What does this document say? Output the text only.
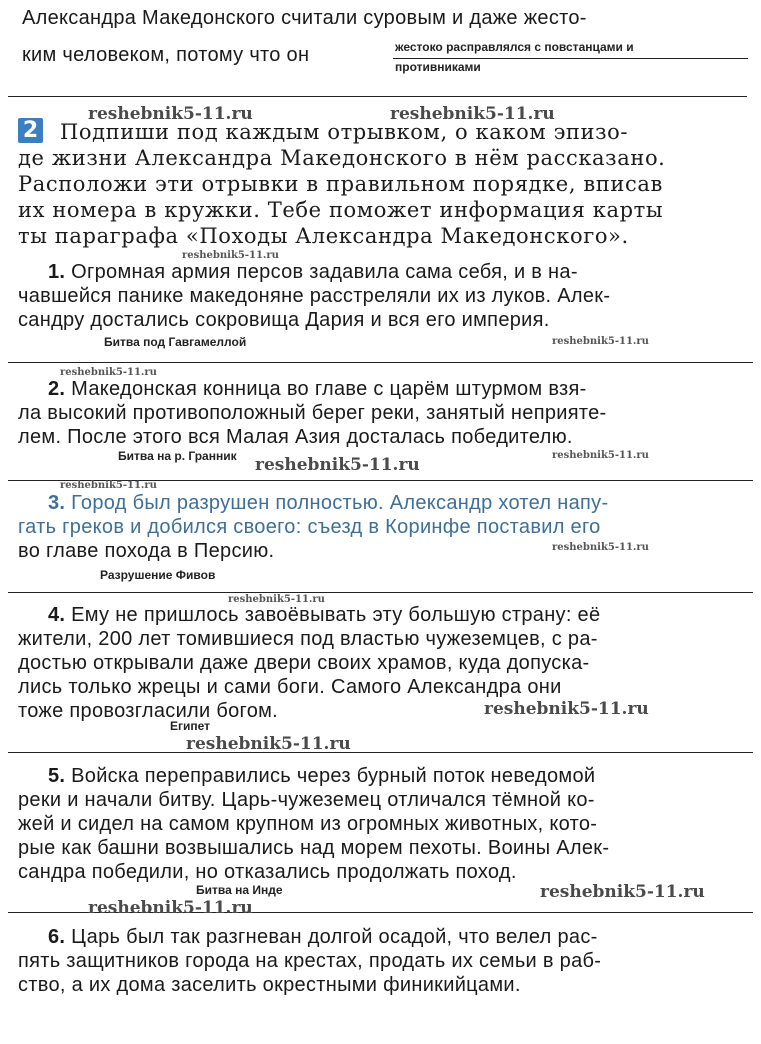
Александра Македонского считали суровым и даже жесто-
ким человеком, потому что он	жестоко расправлялся с повстанцами и
противниками
2 Подпиши под каждым отрывком, о каком эпизо-
де жизни Александра Македонского в нём рассказано.
Расположи эти отрывки в правильном порядке, вписав
их номера в кружки. Тебе поможет информация карты
ты параграфа «Походы Александра Македонского».
1. Огромная армия персов задавила сама себя, и в на-
чавшейся панике македоняне расстреляли их из луков. Алек-
сандру достались сокровища Дария и вся его империя.
Битва под Гавгамеллой
2. Македонская конница во главе с царём штурмом взя-
ла высокий противоположный берег реки, занятый неприяте-
лем. После этого вся Малая Азия досталась победителю.
Битва на р. Гранник
3. Город был разрушен полностью. Александр хотел напу-
гать греков и добился своего: съезд в Коринфе поставил его
во главе похода в Персию.
Разрушение Фивов
4. Ему не пришлось завоёвывать эту большую страну: её
жители, 200 лет томившиеся под властью чужеземцев, с ра-
достью открывали даже двери своих храмов, куда допуска-
лись только жрецы и сами боги. Самого Александра они
тоже провозгласили богом.
Египет
5. Войска переправились через бурный поток неведомой
реки и начали битву. Царь-чужеземец отличался тёмной ко-
жей и сидел на самом крупном из огромных животных, кото-
рые как башни возвышались над морем пехоты. Воины Алек-
сандра победили, но отказались продолжать поход.
Битва на Инде
6. Царь был так разгневан долгой осадой, что велел рас-
пять защитников города на крестах, продать их семьи в раб-
ство, а их дома заселить окрестными финикийцами.
reshebnik5-11.ru	reshebnik5-11.ru
reshebnik5-11.ru
reshebnik5-11.ru
reshebnik5-11.ru
reshebnik5-11.ru
reshebnik5-11.ru
reshebnik5-11.ru
reshebnik5-11.ru
reshebnik5-11.ru
reshebnik5-11.ru
reshebnik5-11.ru
reshebnik5-11.ru
reshebnik5-11.ru
